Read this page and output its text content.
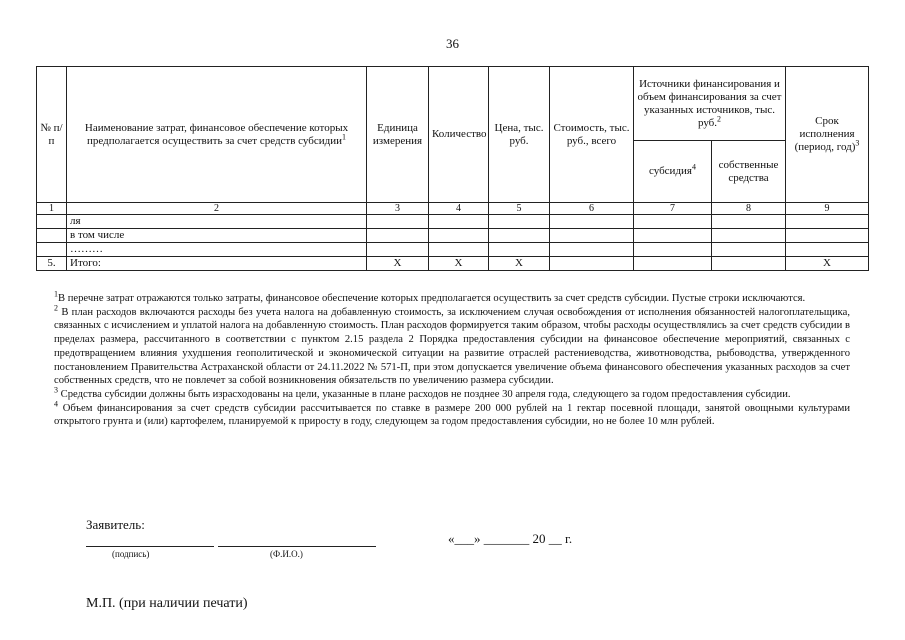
36
№ п/п	Наименование затрат, финансовое обеспечение которых предполагается осуществить за счет средств субсидии$^1$	Единица измерения	Количество	Цена, тыс. руб.	Стоимость, тыс. руб., всего	Источники финансирования и объем финансирования за счет указанных источников, тыс. руб.$^2$		Срок исполнения (период, год)$^3$
						субсидия$^4$	собственные средства	
1	2	3	4	5	6	7	8	9
	ля							
	в том числе							
	………							
5.	Итого:	X	X	X				X

$^1$В перечне затрат отражаются только затраты, финансовое обеспечение которых предполагается осуществить за счет средств субсидии. Пустые строки исключаются.

$^2$ В план расходов включаются расходы без учета налога на добавленную стоимость, за исключением случая освобождения от исполнения обязанностей налогоплательщика, связанных с исчислением и уплатой налога на добавленную стоимость. План расходов формируется таким образом, чтобы расходы осуществлялись за счет средств субсидии в пределах размера, рассчитанного в соответствии с пунктом 2.15 раздела 2 Порядка предоставления субсидии на финансовое обеспечение мероприятий, связанных с предотвращением влияния ухудшения геополитической и экономической ситуации на развитие отраслей растениеводства, животноводства, рыбоводства, утвержденного постановлением Правительства Астраханской области от 24.11.2022 № 571-П, при этом допускается увеличение объема финансового обеспечения указанных расходов за счет собственных средств, что не повлечет за собой возникновения обязательств по увеличению размера субсидии.

$^3$ Средства субсидии должны быть израсходованы на цели, указанные в плане расходов не позднее 30 апреля года, следующего за годом предоставления субсидии.

$^4$ Объем финансирования за счет средств субсидии рассчитывается по ставке в размере 200 000 рублей на 1 гектар посевной площади, занятой овощными культурами открытого грунта и (или) картофелем, планируемой к приросту в году, следующем за годом предоставления субсидии, но не более 10 млн рублей.

Заявитель:
(подпись)	(Ф.И.О.)
«___» _______ 20 __ г.
М.П. (при наличии печати)
